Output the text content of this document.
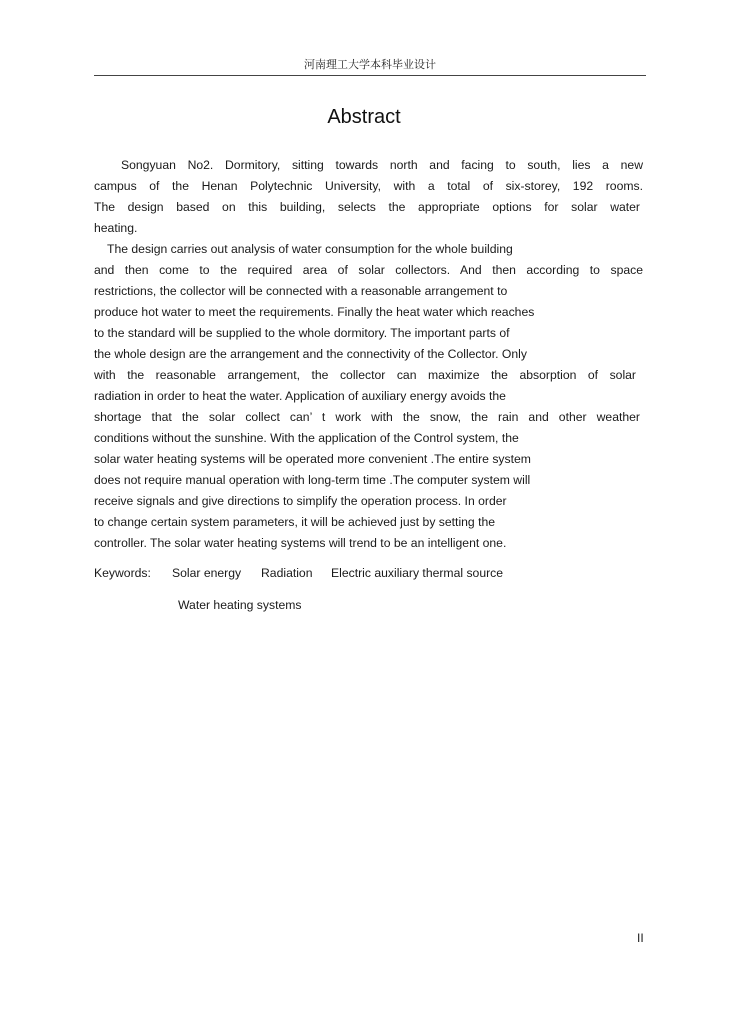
河南理工大学本科毕业设计
Abstract
Songyuan No2. Dormitory, sitting towards north and facing to south, lies a new
campus of the Henan Polytechnic University, with a total of six-storey, 192 rooms.
The design based on this building, selects the appropriate options for solar water
heating.
The design carries out analysis of water consumption for the whole building
and then come to the required area of solar collectors. And then according to space
restrictions, the collector will be connected with a reasonable arrangement to
produce hot water to meet the requirements. Finally the heat water which reaches
to the standard will be supplied to the whole dormitory. The important parts of
the whole design are the arrangement and the connectivity of the Collector. Only
with the reasonable arrangement, the collector can maximize the absorption of solar
radiation in order to heat the water. Application of auxiliary energy avoids the
shortage that the solar collect can’ t work with the snow, the rain and other weather
conditions without the sunshine. With the application of the Control system, the
solar water heating systems will be operated more convenient .The entire system
does not require manual operation with long-term time .The computer system will
receive signals and give directions to simplify the operation process. In order
to change certain system parameters, it will be achieved just by setting the
controller. The solar water heating systems will trend to be an intelligent one.
Keywords: Solar energy Radiation Electric auxiliary thermal source
Water heating systems
II
